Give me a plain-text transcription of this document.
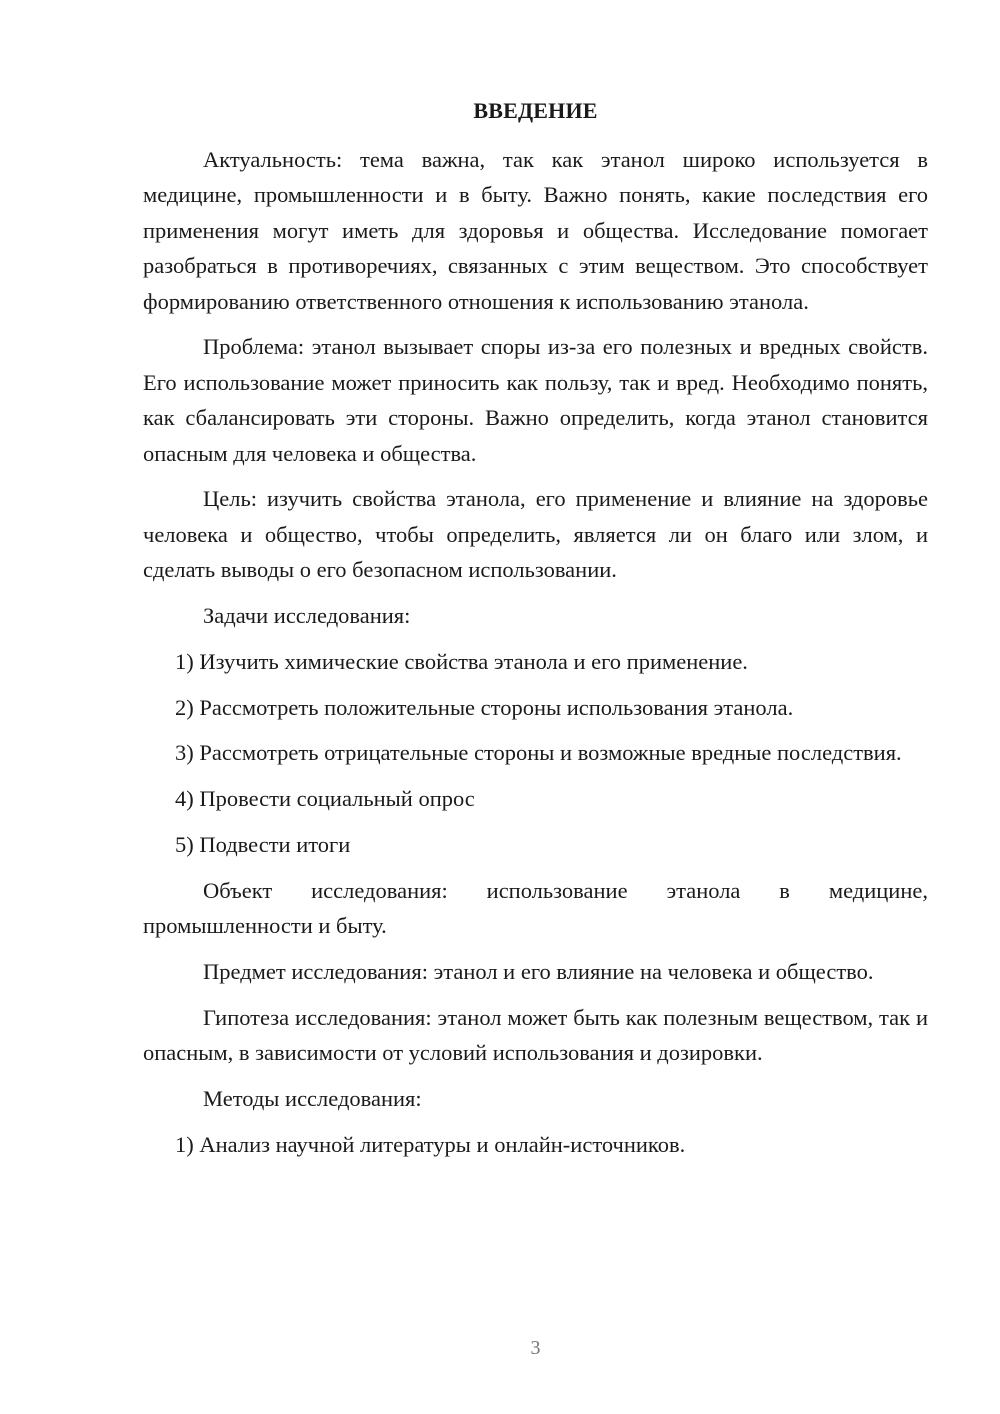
ВВЕДЕНИЕ

Актуальность: тема важна, так как этанол широко используется в медицине, промышленности и в быту. Важно понять, какие последствия его применения могут иметь для здоровья и общества. Исследование помогает разобраться в противоречиях, связанных с этим веществом. Это способствует формированию ответственного отношения к использованию этанола.

Проблема: этанол вызывает споры из-за его полезных и вредных свойств. Его использование может приносить как пользу, так и вред. Необходимо понять, как сбалансировать эти стороны. Важно определить, когда этанол становится опасным для человека и общества.

Цель: изучить свойства этанола, его применение и влияние на здоровье человека и общество, чтобы определить, является ли он благо или злом, и сделать выводы о его безопасном использовании.

Задачи исследования:

1) Изучить химические свойства этанола и его применение.

2) Рассмотреть положительные стороны использования этанола.

3) Рассмотреть отрицательные стороны и возможные вредные последствия.

4) Провести социальный опрос

5) Подвести итоги

Объект исследования: использование этанола в медицине, промышленности и быту.

Предмет исследования: этанол и его влияние на человека и общество.

Гипотеза исследования: этанол может быть как полезным веществом, так и опасным, в зависимости от условий использования и дозировки.

Методы исследования:

1) Анализ научной литературы и онлайн-источников.

3
